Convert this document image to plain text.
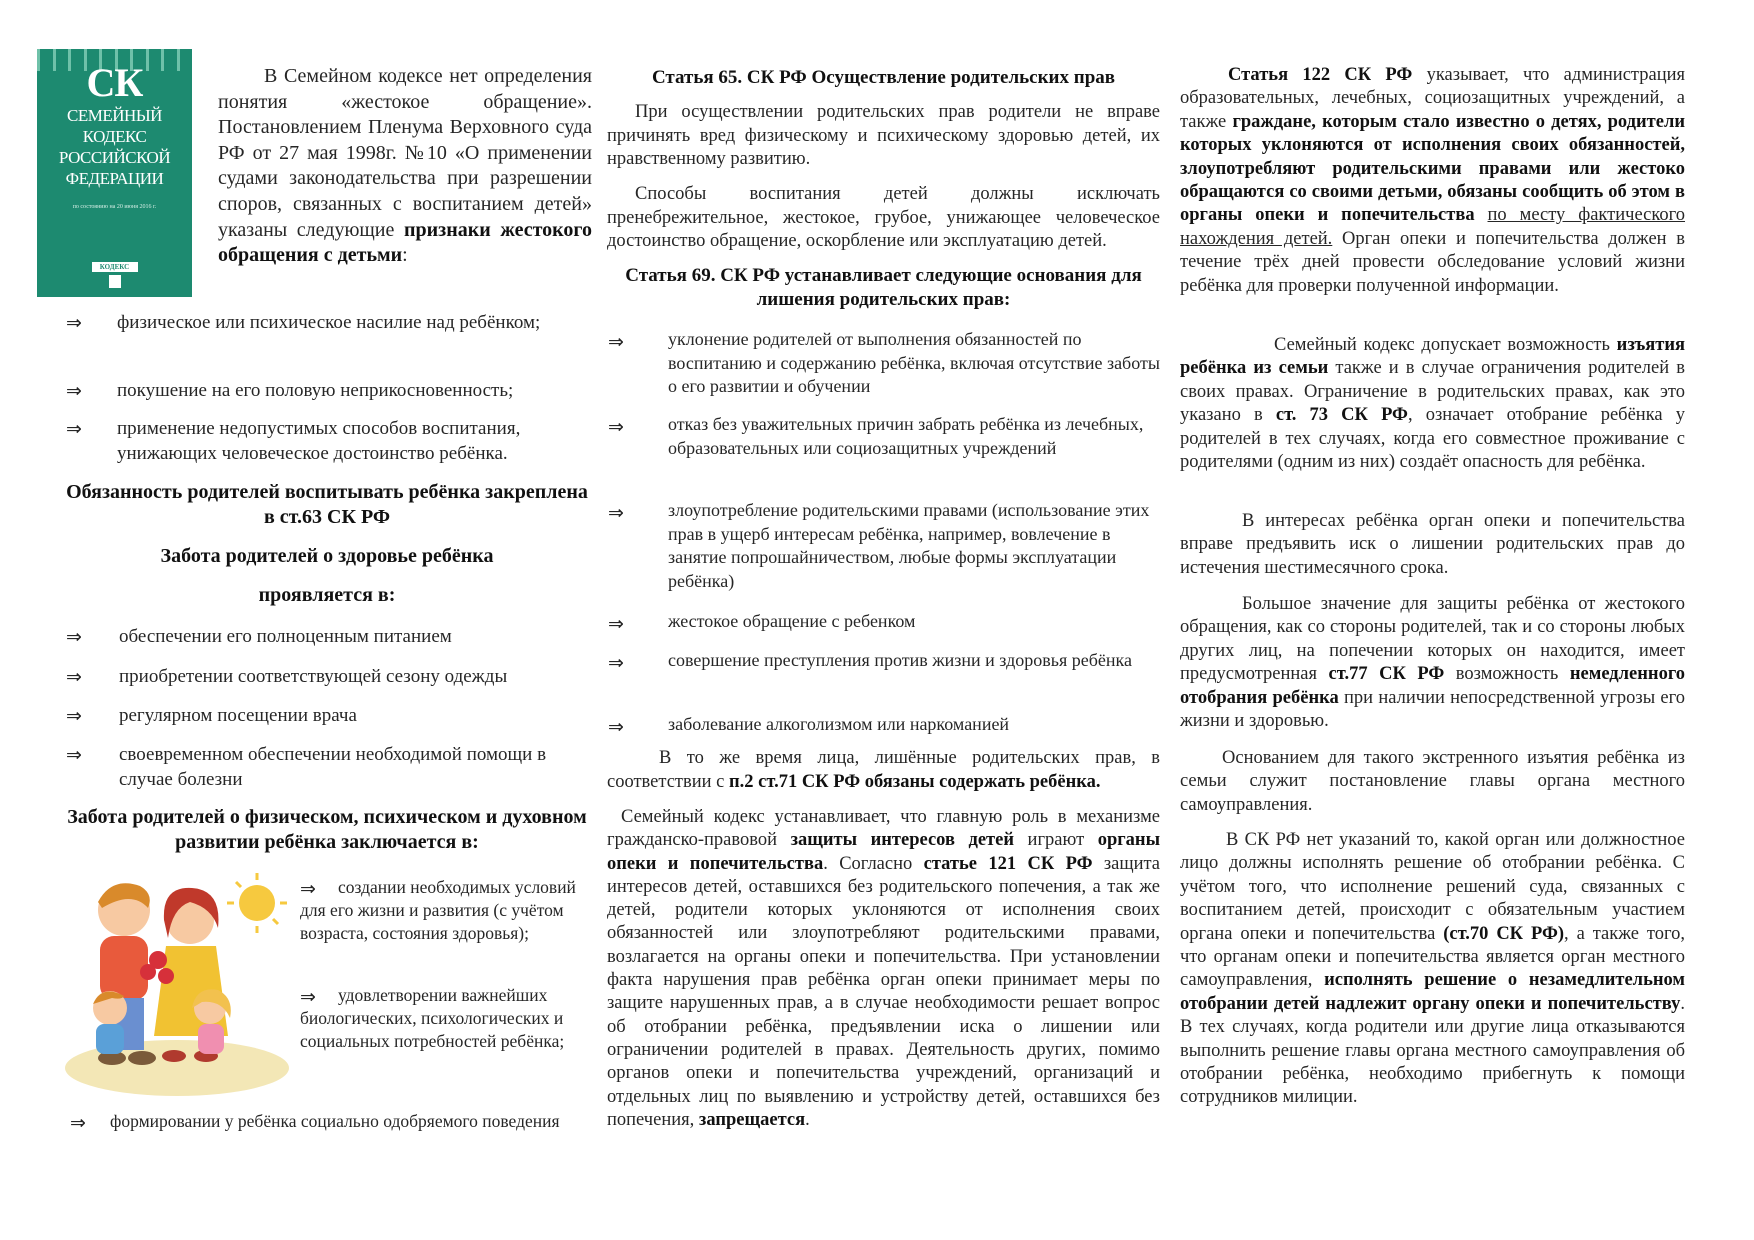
СК
СЕМЕЙНЫЙ
КОДЕКС
РОССИЙСКОЙ
ФЕДЕРАЦИИ
по состоянию на 20 июня 2016 г.
КОДЕКС

В Семейном кодексе нет определения понятия «жестокое обращение». Постановлением Пленума Верховного суда РФ от 27 мая 1998г. №10 «О применении судами законодательства при разрешении споров, связанных с воспитанием детей» указаны следующие признаки жестокого обращения с детьми:

⇒ физическое или психическое насилие над ребёнком;

⇒ покушение на его половую неприкосновенность;

⇒ применение недопустимых способов воспитания, унижающих человеческое достоинство ребёнка.

Обязанность родителей воспитывать ребёнка закреплена в ст.63 СК РФ

Забота родителей о здоровье ребёнка

проявляется в:

⇒ обеспечении его полноценным питанием

⇒ приобретении соответствующей сезону одежды

⇒ регулярном посещении врача

⇒ своевременном обеспечении необходимой помощи в случае болезни

Забота родителей о физическом, психическом и духовном развитии ребёнка заключается в:

⇒	создании необходимых условий для его жизни и развития (с учётом возраста, состояния здоровья);

⇒	удовлетворении важнейших биологических, психологических и социальных потребностей ребёнка;

⇒ формировании у ребёнка социально одобряемого поведения

Статья 65. СК РФ Осуществление родительских прав

При осуществлении родительских прав родители не вправе причинять вред физическому и психическому здоровью детей, их нравственному развитию.

Способы воспитания детей должны исключать пренебрежительное, жестокое, грубое, унижающее человеческое достоинство обращение, оскорбление или эксплуатацию детей.

Статья 69. СК РФ устанавливает следующие основания для лишения родительских прав:

⇒ уклонение родителей от выполнения обязанностей по воспитанию и содержанию ребёнка, включая отсутствие заботы о его развитии и обучении

⇒ отказ без уважительных причин забрать ребёнка из лечебных, образовательных или социозащитных учреждений

⇒ злоупотребление родительскими правами (использование этих прав в ущерб интересам ребёнка, например, вовлечение в занятие попрошайничеством, любые формы эксплуатации ребёнка)

⇒ жестокое обращение с ребенком

⇒ совершение преступления против жизни и здоровья ребёнка

⇒ заболевание алкоголизмом или наркоманией

В то же время лица, лишённые родительских прав, в соответствии с п.2 ст.71 СК РФ обязаны содержать ребёнка.

Семейный кодекс устанавливает, что главную роль в механизме гражданско-правовой защиты интересов детей играют органы опеки и попечительства. Согласно статье 121 СК РФ защита интересов детей, оставшихся без родительского попечения, а так же детей, родители которых уклоняются от исполнения своих обязанностей или злоупотребляют родительскими правами, возлагается на органы опеки и попечительства. При установлении факта нарушения прав ребёнка орган опеки принимает меры по защите нарушенных прав, а в случае необходимости решает вопрос об отобрании ребёнка, предъявлении иска о лишении или ограничении родителей в правах. Деятельность других, помимо органов опеки и попечительства учреждений, организаций и отдельных лиц по выявлению и устройству детей, оставшихся без попечения, запрещается.

Статья 122 СК РФ указывает, что администрация образовательных, лечебных, социозащитных учреждений, а также граждане, которым стало известно о детях, родители которых уклоняются от исполнения своих обязанностей, злоупотребляют родительскими правами или жестоко обращаются со своими детьми, обязаны сообщить об этом в органы опеки и попечительства по месту фактического нахождения детей. Орган опеки и попечительства должен в течение трёх дней провести обследование условий жизни ребёнка для проверки полученной информации.

Семейный кодекс допускает возможность изъятия ребёнка из семьи также и в случае ограничения родителей в своих правах. Ограничение в родительских правах, как это указано в ст. 73 СК РФ, означает отобрание ребёнка у родителей в тех случаях, когда его совместное проживание с родителями (одним из них) создаёт опасность для ребёнка.

В интересах ребёнка орган опеки и попечительства вправе предъявить иск о лишении родительских прав до истечения шестимесячного срока.

Большое значение для защиты ребёнка от жестокого обращения, как со стороны родителей, так и со стороны любых других лиц, на попечении которых он находится, имеет предусмотренная ст.77 СК РФ возможность немедленного отобрания ребёнка при наличии непосредственной угрозы его жизни и здоровью.

Основанием для такого экстренного изъятия ребёнка из семьи служит постановление главы органа местного самоуправления.

В СК РФ нет указаний то, какой орган или должностное лицо должны исполнять решение об отобрании ребёнка. С учётом того, что исполнение решений суда, связанных с воспитанием детей, происходит с обязательным участием органа опеки и попечительства (ст.70 СК РФ), а также того, что органам опеки и попечительства является орган местного самоуправления, исполнять решение о незамедлительном отобрании детей надлежит органу опеки и попечительству. В тех случаях, когда родители или другие лица отказываются выполнить решение главы органа местного самоуправления об отобрании ребёнка, необходимо прибегнуть к помощи сотрудников милиции.
